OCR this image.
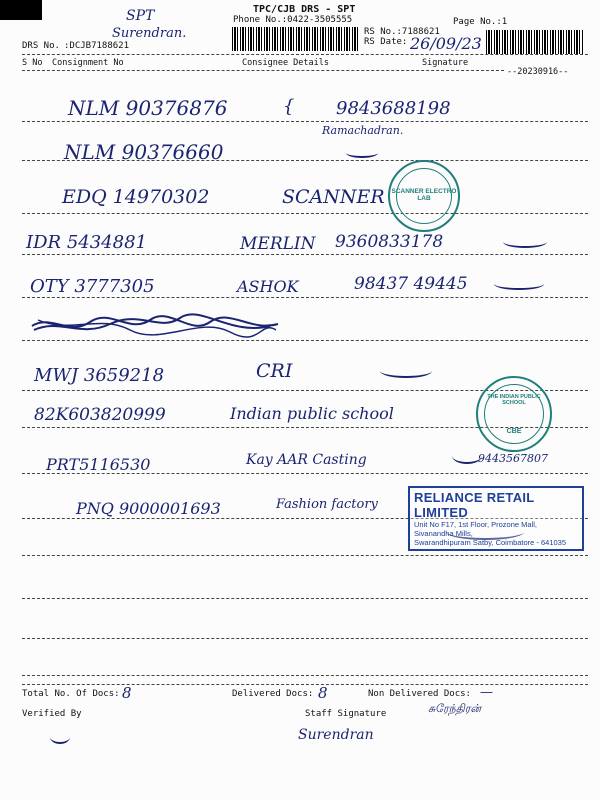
TPC/CJB DRS - SPT
Phone No.:0422-3505555
RS No.:7188621
RS Date:
Page No.:1
26/09/23
SPT
Surendran.
DRS No. :DCJB7188621
S No Consignment No	Consignee Details	Signature
--20230916--
NLM 90376876	{ 9843688198
Ramachadran.
NLM 90376660
EDQ 14970302	SCANNER
IDR 5434881	MERLIN 9360833178
OTY 3777305	ASHOK	98437 49445
MWJ 3659218	CRI
82K603820999	Indian public school
PRT5116530	Kay AAR Casting	9443567807
PNQ 9000001693	Fashion factory
SCANNER ELECTRO LAB
THE INDIAN PUBLIC SCHOOL
CBE
RELIANCE RETAIL LIMITED
Unit No F17, 1st Floor, Prozone Mall, Sivanandha Mills,
Swarandhipuram Satby, Coimbatore - 641035
Total No. Of Docs: 8	Delivered Docs: 8	Non Delivered Docs: —
Verified By	Staff Signature	சுரேந்திரன்
Surendran
